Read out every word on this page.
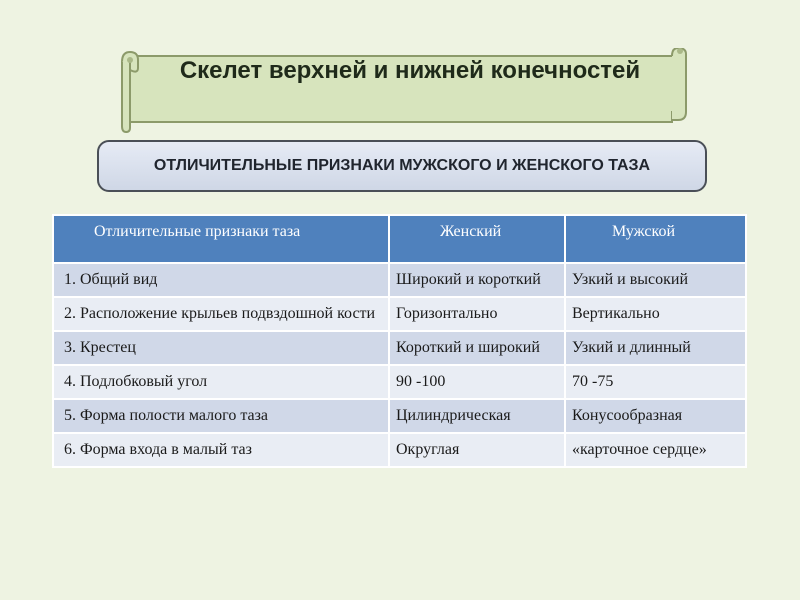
Скелет верхней и нижней конечностей
ОТЛИЧИТЕЛЬНЫЕ ПРИЗНАКИ МУЖСКОГО И ЖЕНСКОГО ТАЗА
Отличительные признаки таза	Женский	Мужской
1. Общий вид	Широкий и короткий	Узкий и высокий
2. Расположение крыльев подвздошной кости	Горизонтально	Вертикально
3. Крестец	Короткий и широкий	Узкий и длинный
4. Подлобковый угол	90 -100	70 -75
5. Форма полости малого таза	Цилиндрическая	Конусообразная
6. Форма входа в малый таз	Округлая	«карточное сердце»
